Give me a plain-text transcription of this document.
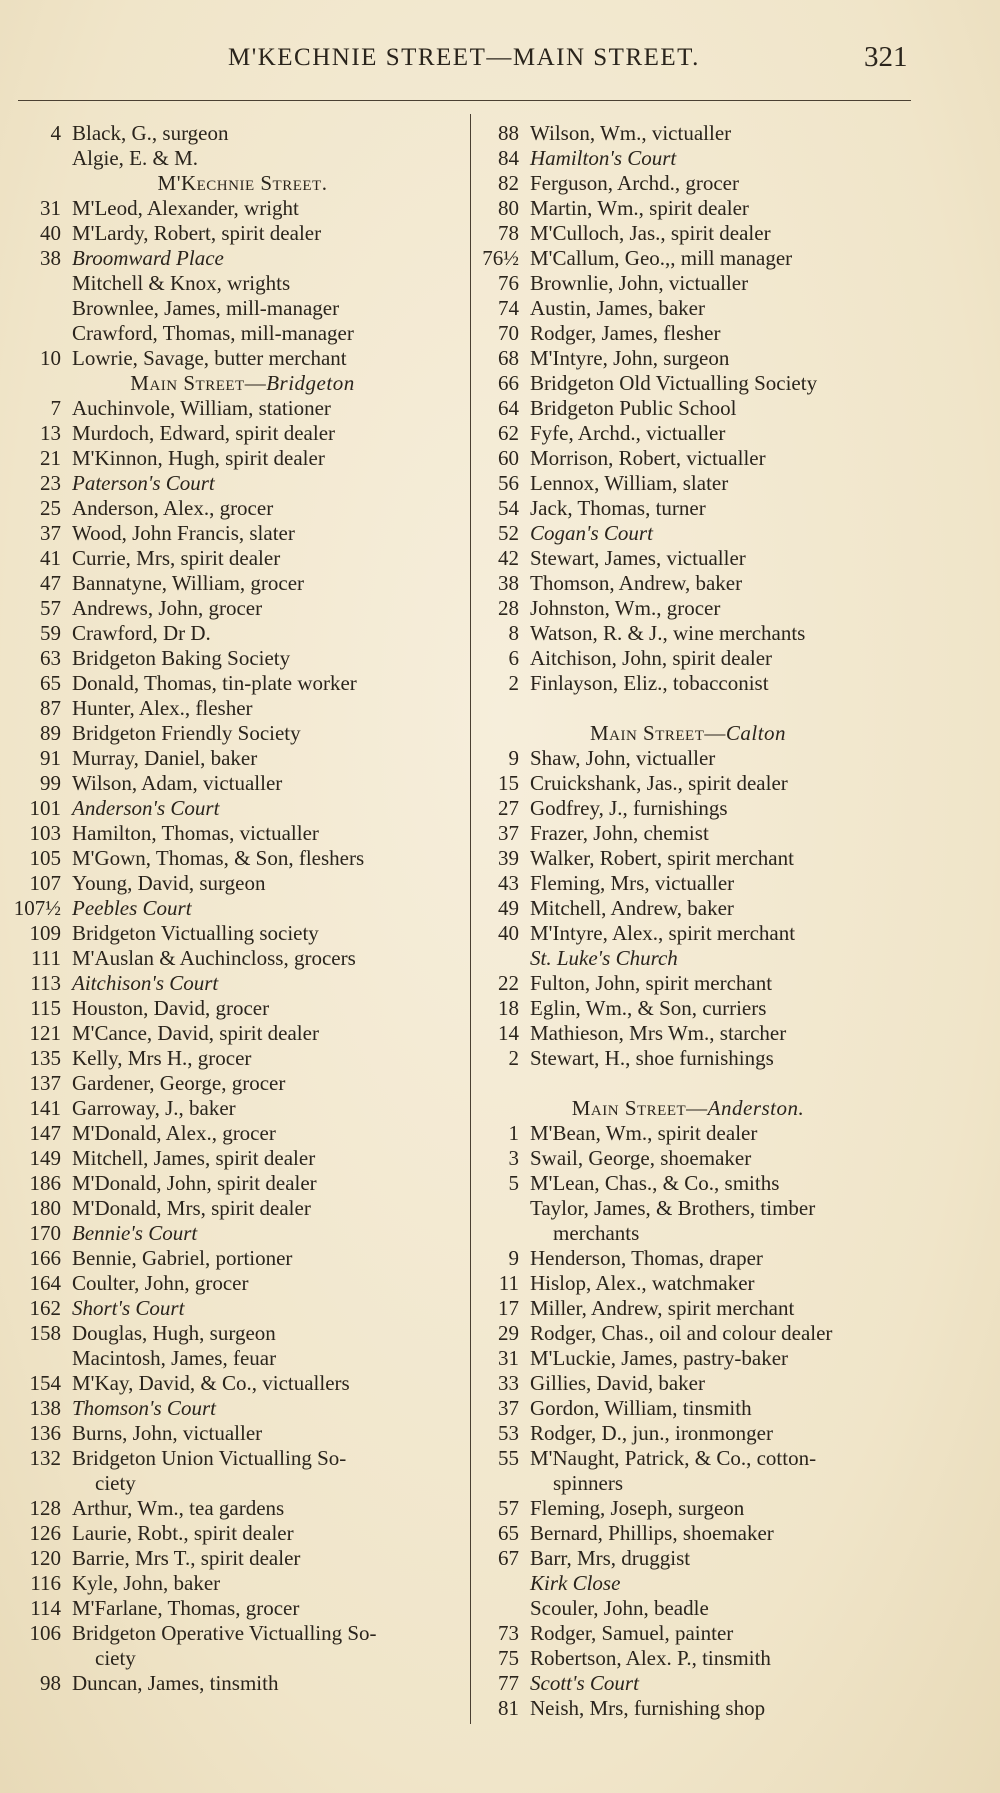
M'KECHNIE STREET—MAIN STREET.	321
4 Black, G., surgeon
Algie, E. & M.
M'Kechnie Street.
31 M'Leod, Alexander, wright
40 M'Lardy, Robert, spirit dealer
38 Broomward Place
Mitchell & Knox, wrights
Brownlee, James, mill-manager
Crawford, Thomas, mill-manager
10 Lowrie, Savage, butter merchant
Main Street—Bridgeton
7 Auchinvole, William, stationer
13 Murdoch, Edward, spirit dealer
21 M'Kinnon, Hugh, spirit dealer
23 Paterson's Court
25 Anderson, Alex., grocer
37 Wood, John Francis, slater
41 Currie, Mrs, spirit dealer
47 Bannatyne, William, grocer
57 Andrews, John, grocer
59 Crawford, Dr D.
63 Bridgeton Baking Society
65 Donald, Thomas, tin-plate worker
87 Hunter, Alex., flesher
89 Bridgeton Friendly Society
91 Murray, Daniel, baker
99 Wilson, Adam, victualler
101 Anderson's Court
103 Hamilton, Thomas, victualler
105 M'Gown, Thomas, & Son, fleshers
107 Young, David, surgeon
107½ Peebles Court
109 Bridgeton Victualling society
111 M'Auslan & Auchincloss, grocers
113 Aitchison's Court
115 Houston, David, grocer
121 M'Cance, David, spirit dealer
135 Kelly, Mrs H., grocer
137 Gardener, George, grocer
141 Garroway, J., baker
147 M'Donald, Alex., grocer
149 Mitchell, James, spirit dealer
186 M'Donald, John, spirit dealer
180 M'Donald, Mrs, spirit dealer
170 Bennie's Court
166 Bennie, Gabriel, portioner
164 Coulter, John, grocer
162 Short's Court
158 Douglas, Hugh, surgeon
Macintosh, James, feuar
154 M'Kay, David, & Co., victuallers
138 Thomson's Court
136 Burns, John, victualler
132 Bridgeton Union Victualling So-
ciety
128 Arthur, Wm., tea gardens
126 Laurie, Robt., spirit dealer
120 Barrie, Mrs T., spirit dealer
116 Kyle, John, baker
114 M'Farlane, Thomas, grocer
106 Bridgeton Operative Victualling So-
ciety
98 Duncan, James, tinsmith
88 Wilson, Wm., victualler
84 Hamilton's Court
82 Ferguson, Archd., grocer
80 Martin, Wm., spirit dealer
78 M'Culloch, Jas., spirit dealer
76½ M'Callum, Geo.,, mill manager
76 Brownlie, John, victualler
74 Austin, James, baker
70 Rodger, James, flesher
68 M'Intyre, John, surgeon
66 Bridgeton Old Victualling Society
64 Bridgeton Public School
62 Fyfe, Archd., victualler
60 Morrison, Robert, victualler
56 Lennox, William, slater
54 Jack, Thomas, turner
52 Cogan's Court
42 Stewart, James, victualler
38 Thomson, Andrew, baker
28 Johnston, Wm., grocer
8 Watson, R. & J., wine merchants
6 Aitchison, John, spirit dealer
2 Finlayson, Eliz., tobacconist
Main Street—Calton
9 Shaw, John, victualler
15 Cruickshank, Jas., spirit dealer
27 Godfrey, J., furnishings
37 Frazer, John, chemist
39 Walker, Robert, spirit merchant
43 Fleming, Mrs, victualler
49 Mitchell, Andrew, baker
40 M'Intyre, Alex., spirit merchant
St. Luke's Church
22 Fulton, John, spirit merchant
18 Eglin, Wm., & Son, curriers
14 Mathieson, Mrs Wm., starcher
2 Stewart, H., shoe furnishings
Main Street—Anderston.
1 M'Bean, Wm., spirit dealer
3 Swail, George, shoemaker
5 M'Lean, Chas., & Co., smiths
Taylor, James, & Brothers, timber
merchants
9 Henderson, Thomas, draper
11 Hislop, Alex., watchmaker
17 Miller, Andrew, spirit merchant
29 Rodger, Chas., oil and colour dealer
31 M'Luckie, James, pastry-baker
33 Gillies, David, baker
37 Gordon, William, tinsmith
53 Rodger, D., jun., ironmonger
55 M'Naught, Patrick, & Co., cotton-
spinners
57 Fleming, Joseph, surgeon
65 Bernard, Phillips, shoemaker
67 Barr, Mrs, druggist
Kirk Close
Scouler, John, beadle
73 Rodger, Samuel, painter
75 Robertson, Alex. P., tinsmith
77 Scott's Court
81 Neish, Mrs, furnishing shop
